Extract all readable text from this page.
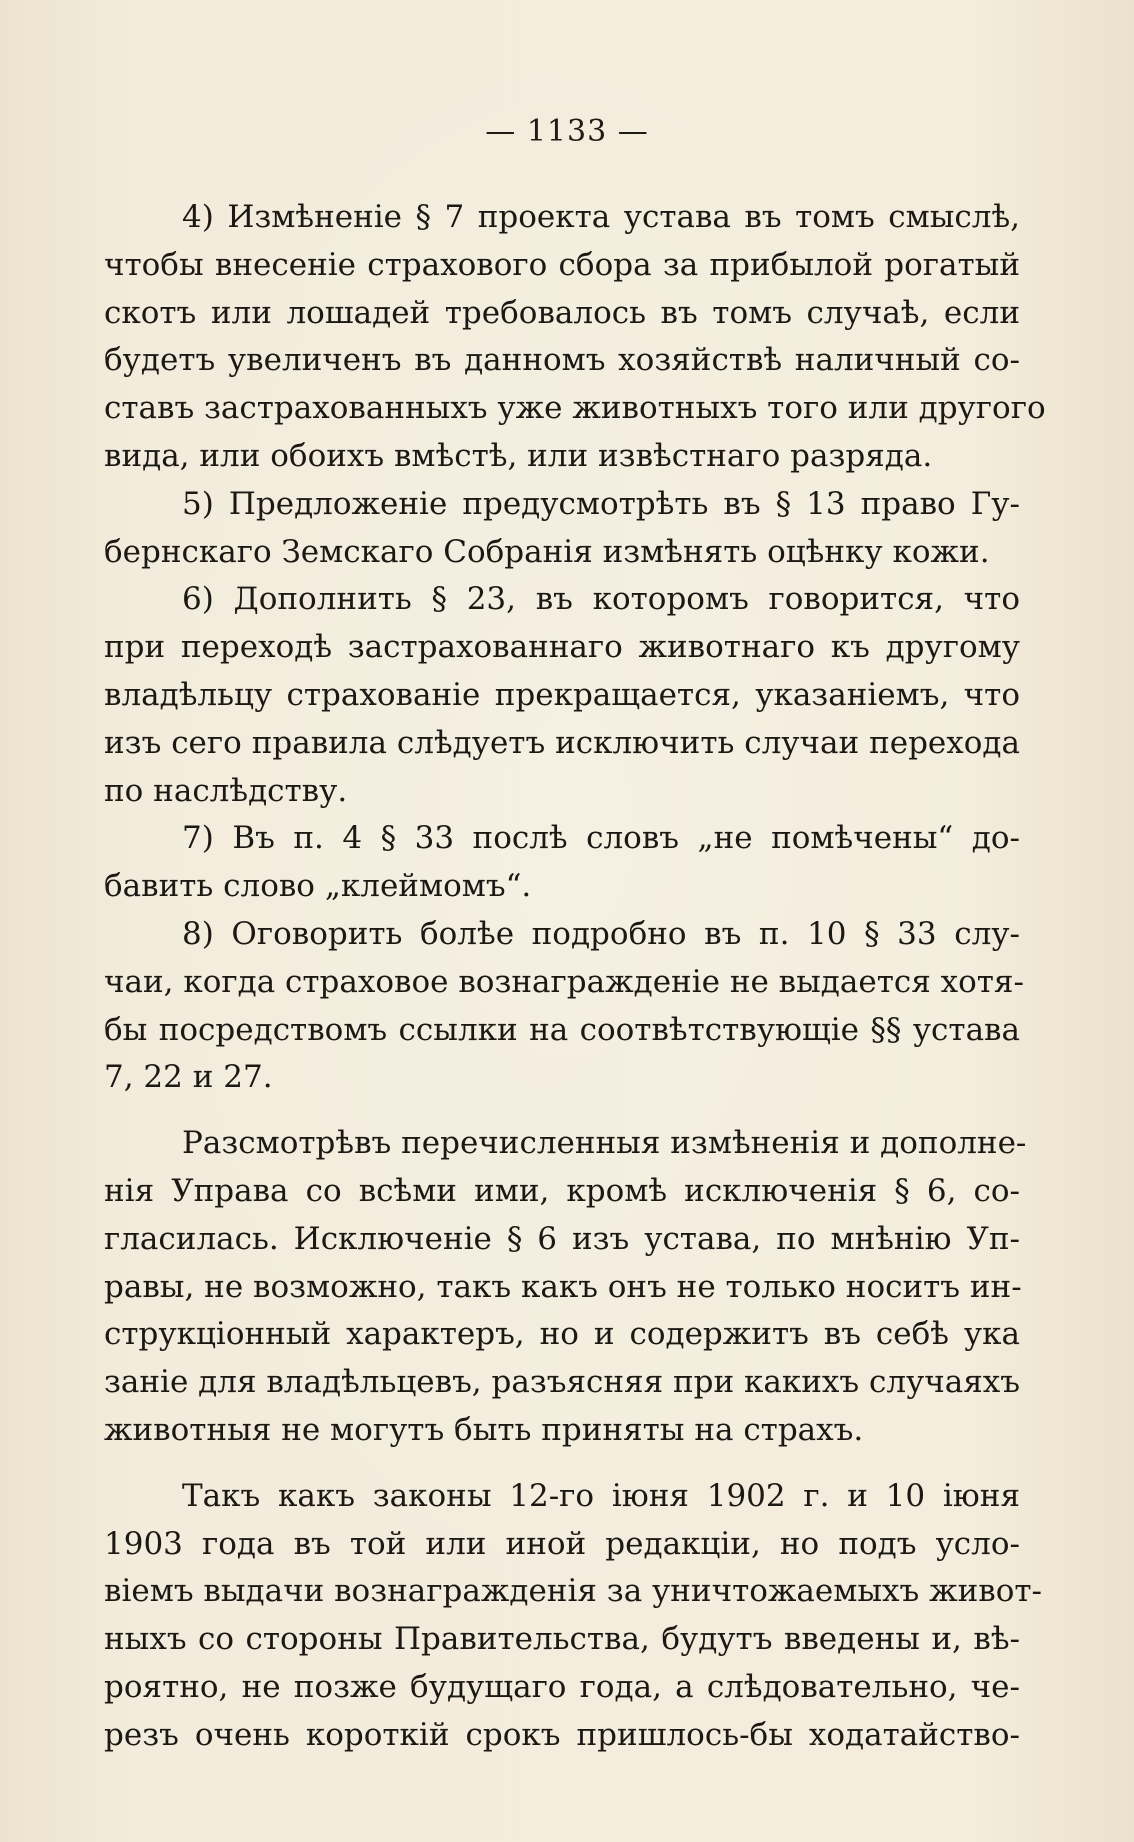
— 1133 —

4) Измѣненіе § 7 проекта устава въ томъ смыслѣ,
чтобы внесеніе страхового сбора за прибылой рогатый
скотъ или лошадей требовалось въ томъ случаѣ, если
будетъ увеличенъ въ данномъ хозяйствѣ наличный со-
ставъ застрахованныхъ уже животныхъ того или другого
вида, или обоихъ вмѣстѣ, или извѣстнаго разряда.

5) Предложеніе предусмотрѣть въ § 13 право Гу-
бернскаго Земскаго Собранія измѣнять оцѣнку кожи.

6) Дополнить § 23, въ которомъ говорится, что
при переходѣ застрахованнаго животнаго къ другому
владѣльцу страхованіе прекращается, указаніемъ, что
изъ сего правила слѣдуетъ исключить случаи перехода
по наслѣдству.

7) Въ п. 4 § 33 послѣ словъ „не помѣчены“ до-
бавить слово „клеймомъ“.

8) Оговорить болѣе подробно въ п. 10 § 33 слу-
чаи, когда страховое вознагражденіе не выдается хотя-
бы посредствомъ ссылки на соотвѣтствующіе §§ устава
7, 22 и 27.

Разсмотрѣвъ перечисленныя измѣненія и дополне-
нія Управа со всѣми ими, кромѣ исключенія § 6, со-
гласилась. Исключеніе § 6 изъ устава, по мнѣнію Уп-
равы, не возможно, такъ какъ онъ не только носитъ ин-
струкціонный характеръ, но и содержитъ въ себѣ ука
заніе для владѣльцевъ, разъясняя при какихъ случаяхъ
животныя не могутъ быть приняты на страхъ.

Такъ какъ законы 12-го іюня 1902 г. и 10 іюня
1903 года въ той или иной редакціи, но подъ усло-
віемъ выдачи вознагражденія за уничтожаемыхъ живот-
ныхъ со стороны Правительства, будутъ введены и, вѣ-
роятно, не позже будущаго года, а слѣдовательно, че-
резъ очень короткій срокъ пришлось-бы ходатайство-
